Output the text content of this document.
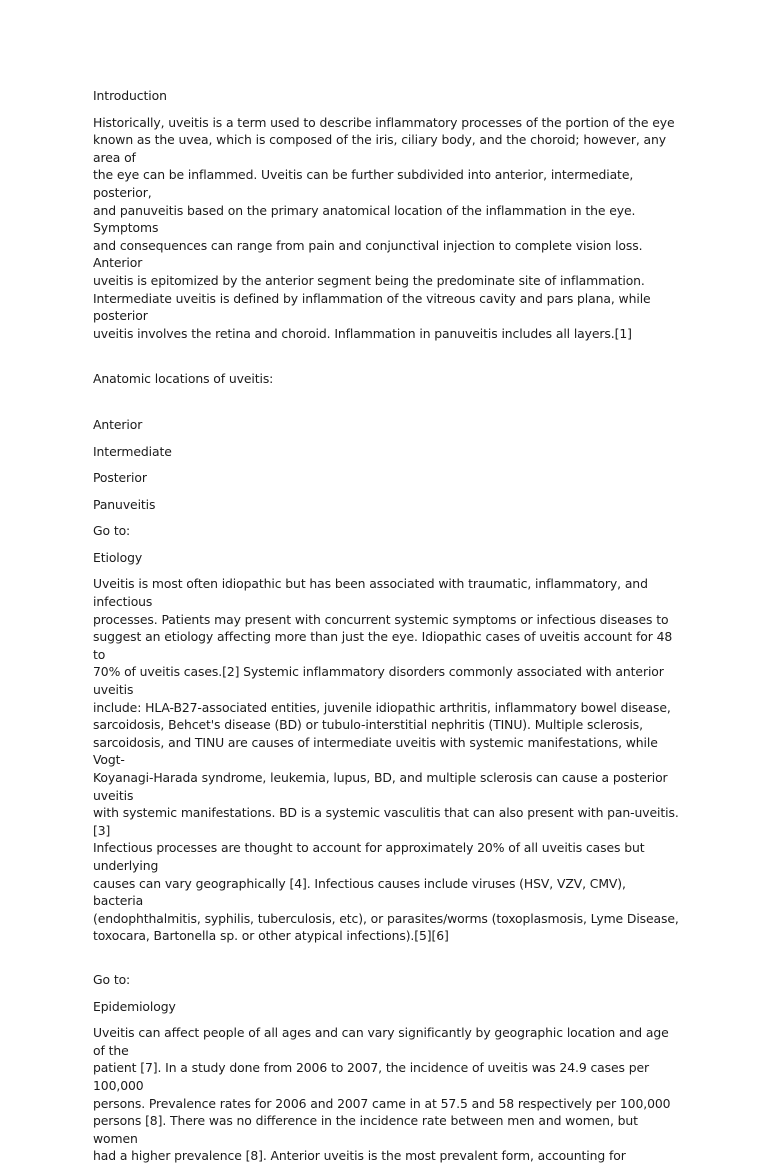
Introduction

Historically, uveitis is a term used to describe inflammatory processes of the portion of the eye
known as the uvea, which is composed of the iris, ciliary body, and the choroid; however, any area of
the eye can be inflammed. Uveitis can be further subdivided into anterior, intermediate, posterior,
and panuveitis based on the primary anatomical location of the inflammation in the eye. Symptoms
and consequences can range from pain and conjunctival injection to complete vision loss. Anterior
uveitis is epitomized by the anterior segment being the predominate site of inflammation.
Intermediate uveitis is defined by inflammation of the vitreous cavity and pars plana, while posterior
uveitis involves the retina and choroid. Inflammation in panuveitis includes all layers.[1]

Anatomic locations of uveitis:

Anterior

Intermediate

Posterior

Panuveitis

Go to:

Etiology

Uveitis is most often idiopathic but has been associated with traumatic, inflammatory, and infectious
processes. Patients may present with concurrent systemic symptoms or infectious diseases to
suggest an etiology affecting more than just the eye. Idiopathic cases of uveitis account for 48 to
70% of uveitis cases.[2] Systemic inflammatory disorders commonly associated with anterior uveitis
include: HLA-B27-associated entities, juvenile idiopathic arthritis, inflammatory bowel disease,
sarcoidosis, Behcet's disease (BD) or tubulo-interstitial nephritis (TINU). Multiple sclerosis,
sarcoidosis, and TINU are causes of intermediate uveitis with systemic manifestations, while Vogt-
Koyanagi-Harada syndrome, leukemia, lupus, BD, and multiple sclerosis can cause a posterior uveitis
with systemic manifestations. BD is a systemic vasculitis that can also present with pan-uveitis.[3]
Infectious processes are thought to account for approximately 20% of all uveitis cases but underlying
causes can vary geographically [4]. Infectious causes include viruses (HSV, VZV, CMV), bacteria
(endophthalmitis, syphilis, tuberculosis, etc), or parasites/worms (toxoplasmosis, Lyme Disease,
toxocara, Bartonella sp. or other atypical infections).[5][6]

Go to:

Epidemiology

Uveitis can affect people of all ages and can vary significantly by geographic location and age of the
patient [7]. In a study done from 2006 to 2007, the incidence of uveitis was 24.9 cases per 100,000
persons. Prevalence rates for 2006 and 2007 came in at 57.5 and 58 respectively per 100,000
persons [8]. There was no difference in the incidence rate between men and women, but women
had a higher prevalence [8]. Anterior uveitis is the most prevalent form, accounting for
